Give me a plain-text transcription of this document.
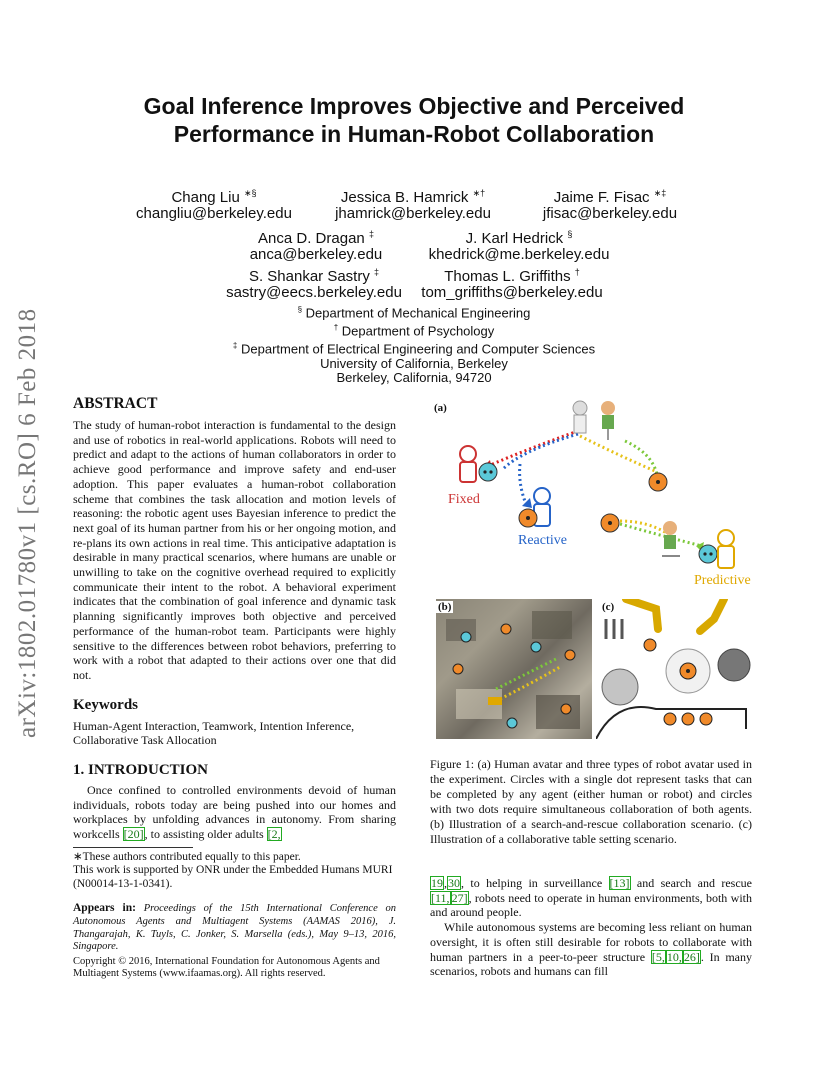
arXiv:1802.01780v1 [cs.RO] 6 Feb 2018
Goal Inference Improves Objective and Perceived
Performance in Human-Robot Collaboration
Chang Liu ∗§
changliu@berkeley.edu
Jessica B. Hamrick ∗†
jhamrick@berkeley.edu
Jaime F. Fisac ∗‡
jfisac@berkeley.edu
Anca D. Dragan ‡
anca@berkeley.edu
J. Karl Hedrick §
khedrick@me.berkeley.edu
S. Shankar Sastry ‡
sastry@eecs.berkeley.edu
Thomas L. Griffiths †
tom_griffiths@berkeley.edu
§ Department of Mechanical Engineering
† Department of Psychology
‡ Department of Electrical Engineering and Computer Sciences
University of California, Berkeley
Berkeley, California, 94720
ABSTRACT
The study of human-robot interaction is fundamental to the design and use of robotics in real-world applications. Robots will need to predict and adapt to the actions of human collaborators in order to achieve good performance and improve safety and end-user adoption. This paper evaluates a human-robot collaboration scheme that combines the task allocation and motion levels of reasoning: the robotic agent uses Bayesian inference to predict the next goal of its human partner from his or her ongoing motion, and re-plans its own actions in real time. This anticipative adaptation is desirable in many practical scenarios, where humans are unable or unwilling to take on the cognitive overhead required to explicitly communicate their intent to the robot. A behavioral experiment indicates that the combination of goal inference and dynamic task planning significantly improves both objective and perceived performance of the human-robot team. Participants were highly sensitive to the differences between robot behaviors, preferring to work with a robot that adapted to their actions over one that did not.
Keywords
Human-Agent Interaction, Teamwork, Intention Inference, Collaborative Task Allocation
1. INTRODUCTION
Once confined to controlled environments devoid of human individuals, robots today are being pushed into our homes and workplaces by unfolding advances in autonomy. From sharing workcells [20], to assisting older adults [2,
∗These authors contributed equally to this paper.
This work is supported by ONR under the Embedded Humans MURI (N00014-13-1-0341).
Appears in: Proceedings of the 15th International Conference on Autonomous Agents and Multiagent Systems (AAMAS 2016), J. Thangarajah, K. Tuyls, C. Jonker, S. Marsella (eds.), May 9–13, 2016, Singapore.
Copyright © 2016, International Foundation for Autonomous Agents and Multiagent Systems (www.ifaamas.org). All rights reserved.
(a)
Fixed
Reactive
Predictive
(b)	(c)
Figure 1: (a) Human avatar and three types of robot avatar used in the experiment. Circles with a single dot represent tasks that can be completed by any agent (either human or robot) and circles with two dots require simultaneous collaboration of both agents. (b) Illustration of a search-and-rescue collaboration scenario. (c) Illustration of a collaborative table setting scenario.

19,30, to helping in surveillance [13] and search and rescue [11, 27], robots need to operate in human environments, both with and around people.

While autonomous systems are becoming less reliant on human oversight, it is often still desirable for robots to collaborate with human partners in a peer-to-peer structure [5, 10, 26]. In many scenarios, robots and humans can fill
